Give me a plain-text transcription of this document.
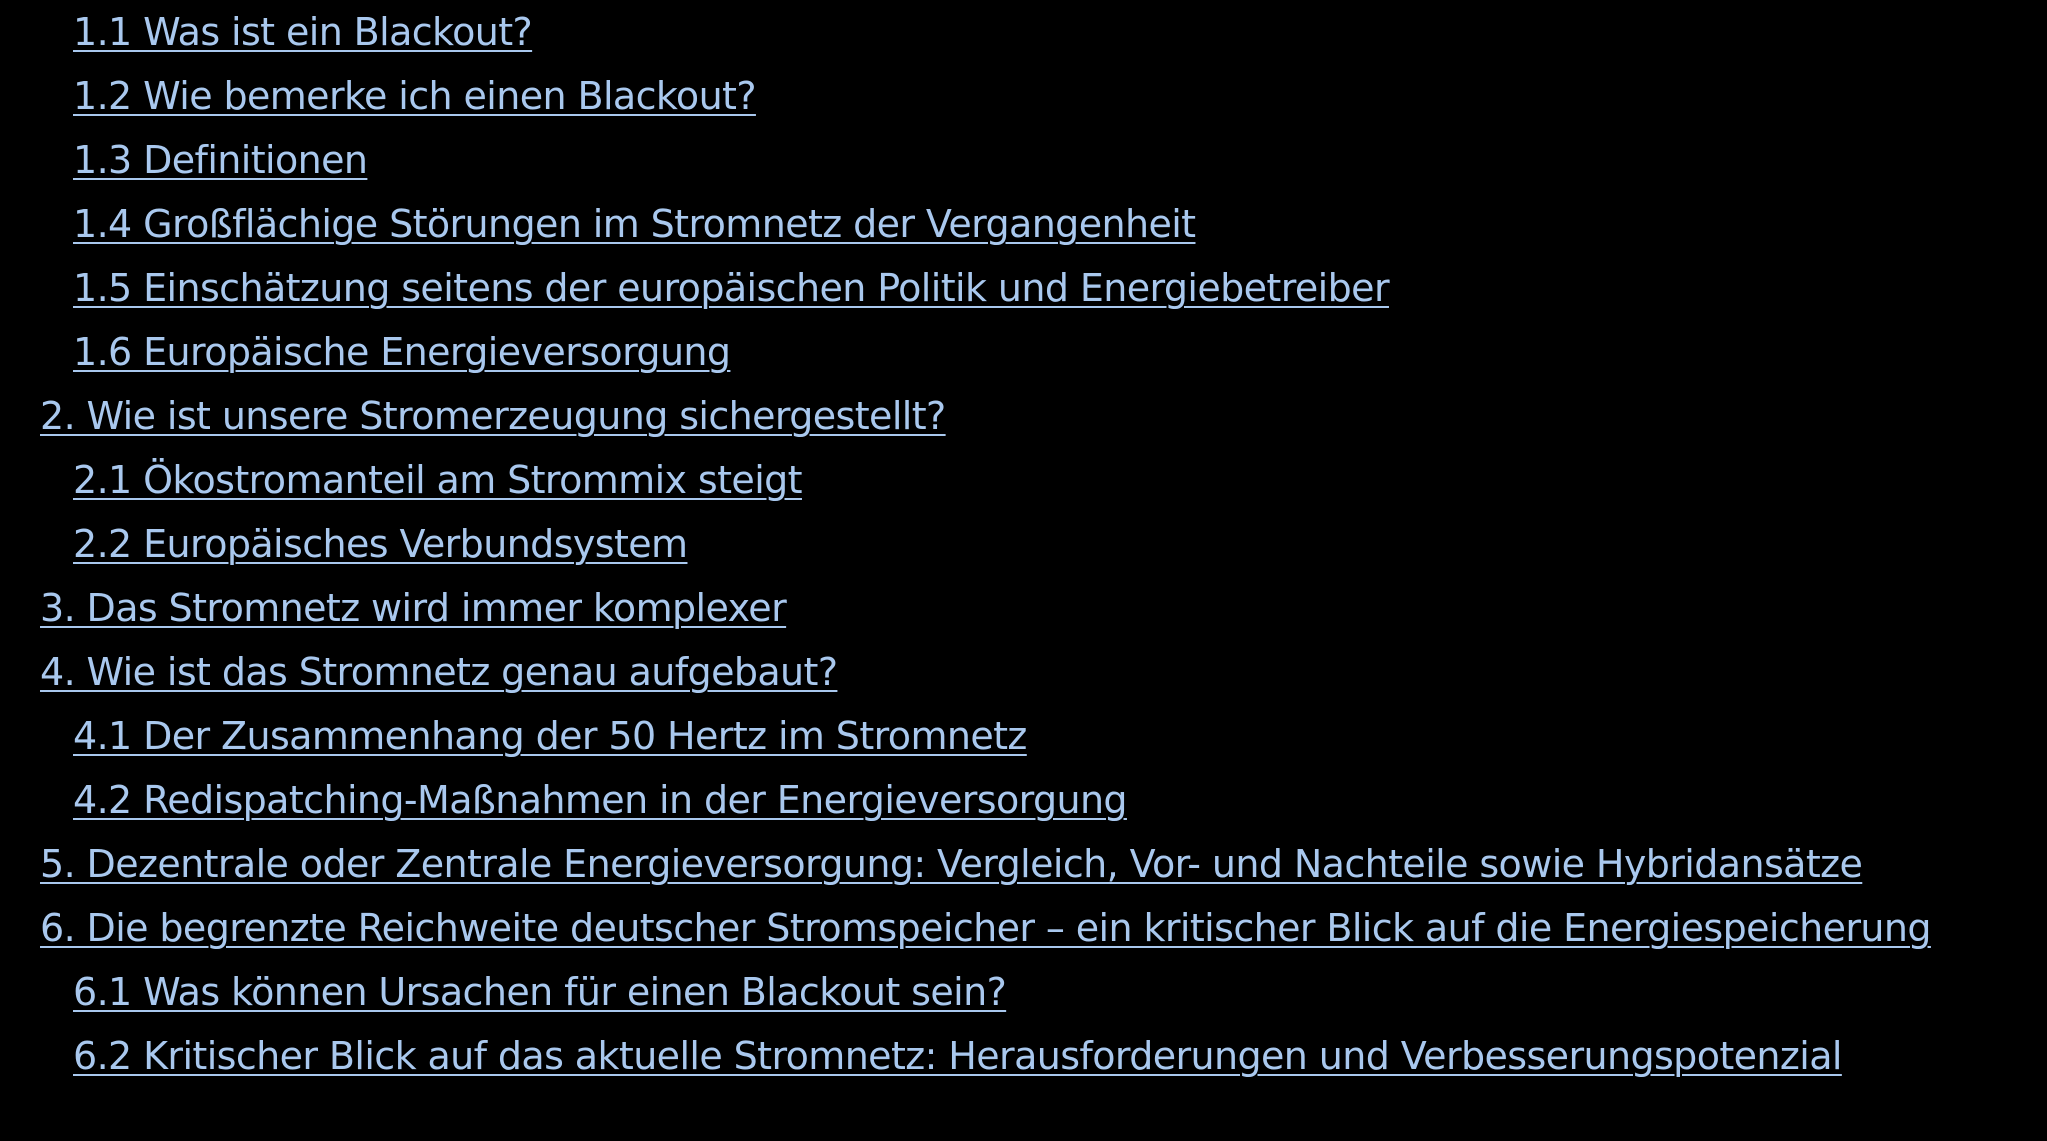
1.1 Was ist ein Blackout?
1.2 Wie bemerke ich einen Blackout?
1.3 Definitionen
1.4 Großflächige Störungen im Stromnetz der Vergangenheit
1.5 Einschätzung seitens der europäischen Politik und Energiebetreiber
1.6 Europäische Energieversorgung
2. Wie ist unsere Stromerzeugung sichergestellt?
2.1 Ökostromanteil am Strommix steigt
2.2 Europäisches Verbundsystem
3. Das Stromnetz wird immer komplexer
4. Wie ist das Stromnetz genau aufgebaut?
4.1 Der Zusammenhang der 50 Hertz im Stromnetz
4.2 Redispatching-Maßnahmen in der Energieversorgung
5. Dezentrale oder Zentrale Energieversorgung: Vergleich, Vor- und Nachteile sowie Hybridansätze
6. Die begrenzte Reichweite deutscher Stromspeicher – ein kritischer Blick auf die Energiespeicherung
6.1 Was können Ursachen für einen Blackout sein?
6.2 Kritischer Blick auf das aktuelle Stromnetz: Herausforderungen und Verbesserungspotenzial
